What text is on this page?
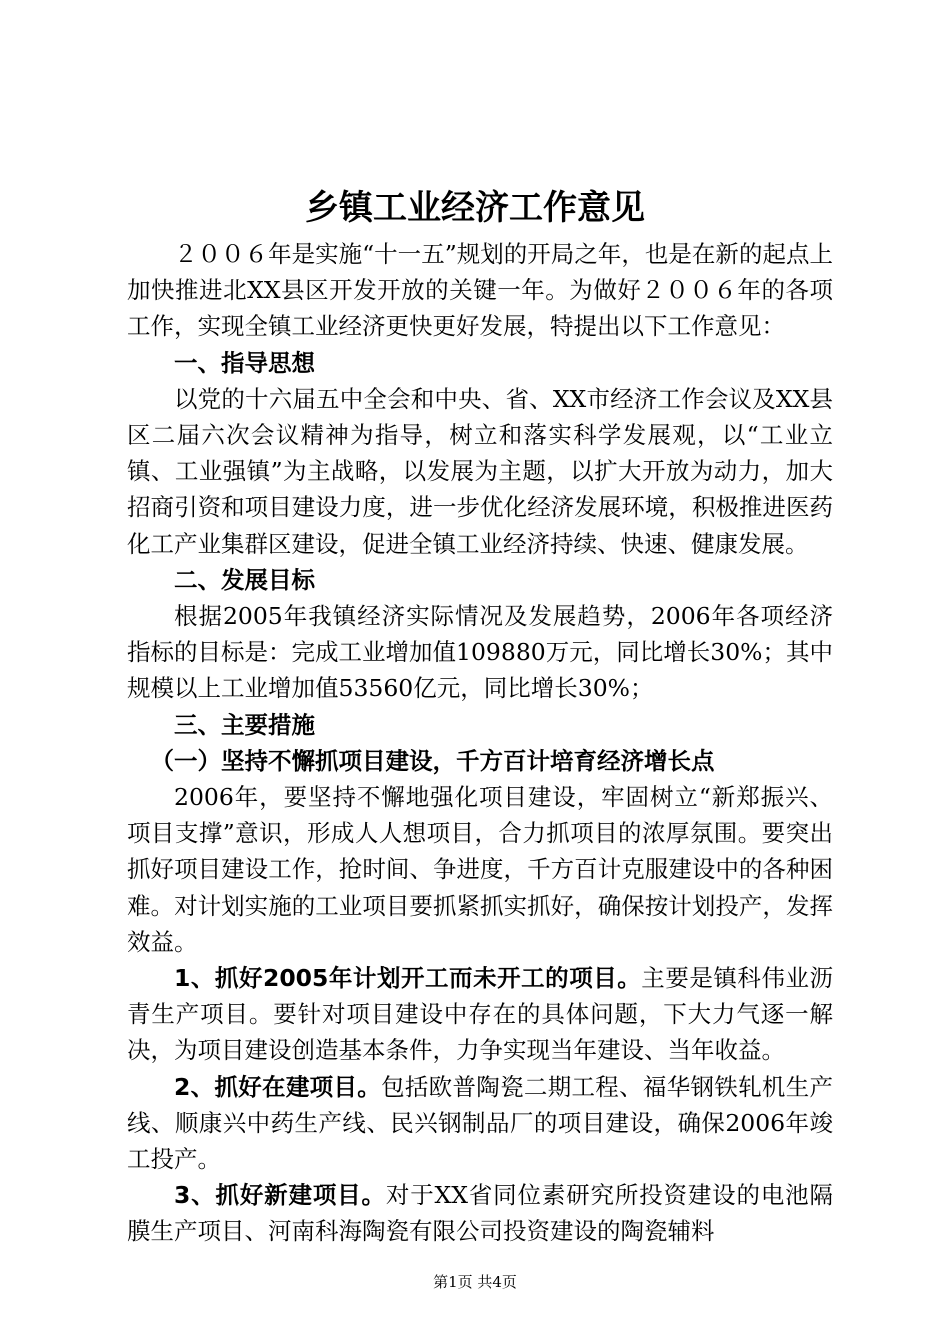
乡镇工业经济工作意见

２００６年是实施“十一五”规划的开局之年，也是在新的起点上加快推进北XX县区开发开放的关键一年。为做好２００６年的各项工作，实现全镇工业经济更快更好发展，特提出以下工作意见：

一、指导思想

以党的十六届五中全会和中央、省、XX市经济工作会议及XX县区二届六次会议精神为指导，树立和落实科学发展观，以“工业立镇、工业强镇”为主战略，以发展为主题，以扩大开放为动力，加大招商引资和项目建设力度，进一步优化经济发展环境，积极推进医药化工产业集群区建设，促进全镇工业经济持续、快速、健康发展。

二、发展目标

根据2005年我镇经济实际情况及发展趋势，2006年各项经济指标的目标是：完成工业增加值109880万元，同比增长30%；其中规模以上工业增加值53560亿元，同比增长30%；

三、主要措施

（一）坚持不懈抓项目建设，千方百计培育经济增长点

2006年，要坚持不懈地强化项目建设，牢固树立“新郑振兴、项目支撑”意识，形成人人想项目，合力抓项目的浓厚氛围。要突出抓好项目建设工作，抢时间、争进度，千方百计克服建设中的各种困难。对计划实施的工业项目要抓紧抓实抓好，确保按计划投产，发挥效益。

1、抓好2005年计划开工而未开工的项目。主要是镇科伟业沥青生产项目。要针对项目建设中存在的具体问题，下大力气逐一解决，为项目建设创造基本条件，力争实现当年建设、当年收益。

2、抓好在建项目。包括欧普陶瓷二期工程、福华钢铁轧机生产线、顺康兴中药生产线、民兴钢制品厂的项目建设，确保2006年竣工投产。

3、抓好新建项目。对于XX省同位素研究所投资建设的电池隔膜生产项目、河南科海陶瓷有限公司投资建设的陶瓷辅料

第1页 共4页
